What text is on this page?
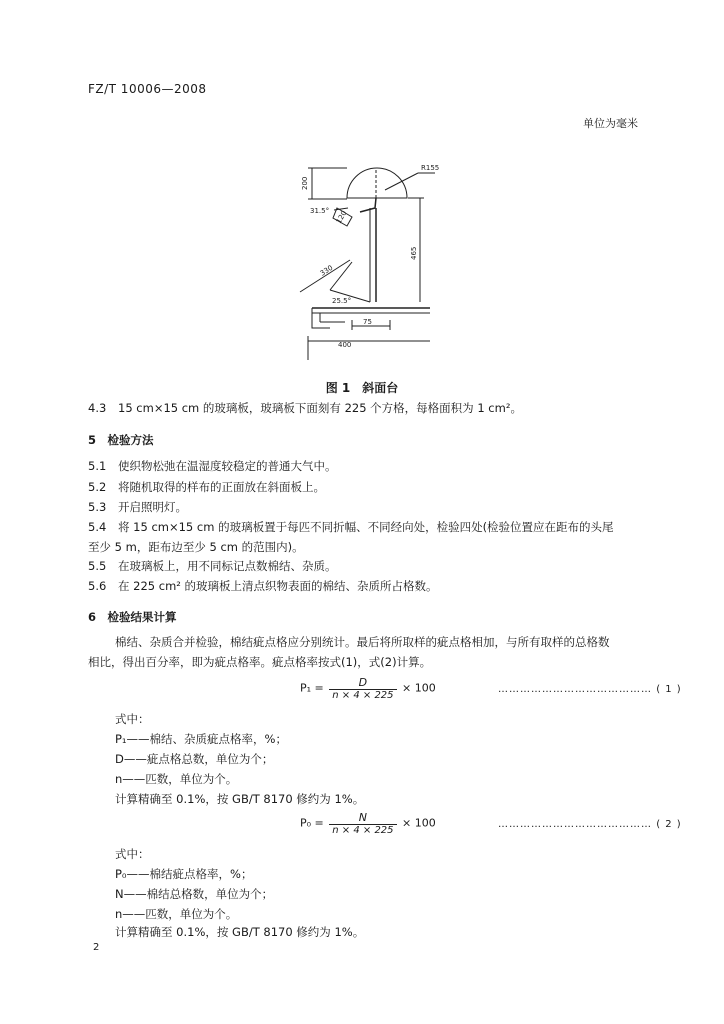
FZ/T 10006—2008
单位为毫米
R155
200
31.5° 120
465
330
25.5°
75
400
图 1　斜面台
4.3 15 cm×15 cm 的玻璃板，玻璃板下面刻有 225 个方格，每格面积为 1 cm²。
5　检验方法
5.1 使织物松弛在温湿度较稳定的普通大气中。
5.2 将随机取得的样布的正面放在斜面板上。
5.3 开启照明灯。
5.4 将 15 cm×15 cm 的玻璃板置于每匹不同折幅、不同经向处，检验四处(检验位置应在距布的头尾
至少 5 m，距布边至少 5 cm 的范围内)。
5.5 在玻璃板上，用不同标记点数棉结、杂质。
5.6 在 225 cm² 的玻璃板上清点织物表面的棉结、杂质所占格数。
6　检验结果计算
棉结、杂质合并检验，棉结疵点格应分别统计。最后将所取样的疵点格相加，与所有取样的总格数
相比，得出百分率，即为疵点格率。疵点格率按式(1)，式(2)计算。
$P_1 = \frac{D}{n \times 4 \times 225} \times 100$	…………………………………… ( 1 )
式中：
P₁——棉结、杂质疵点格率，%；
D——疵点格总数，单位为个；
n——匹数，单位为个。
计算精确至 0.1%，按 GB/T 8170 修约为 1%。
$P_0 = \frac{N}{n \times 4 \times 225} \times 100$	…………………………………… ( 2 )
式中：
P₀——棉结疵点格率，%；
N——棉结总格数，单位为个；
n——匹数，单位为个。
计算精确至 0.1%，按 GB/T 8170 修约为 1%。
2
